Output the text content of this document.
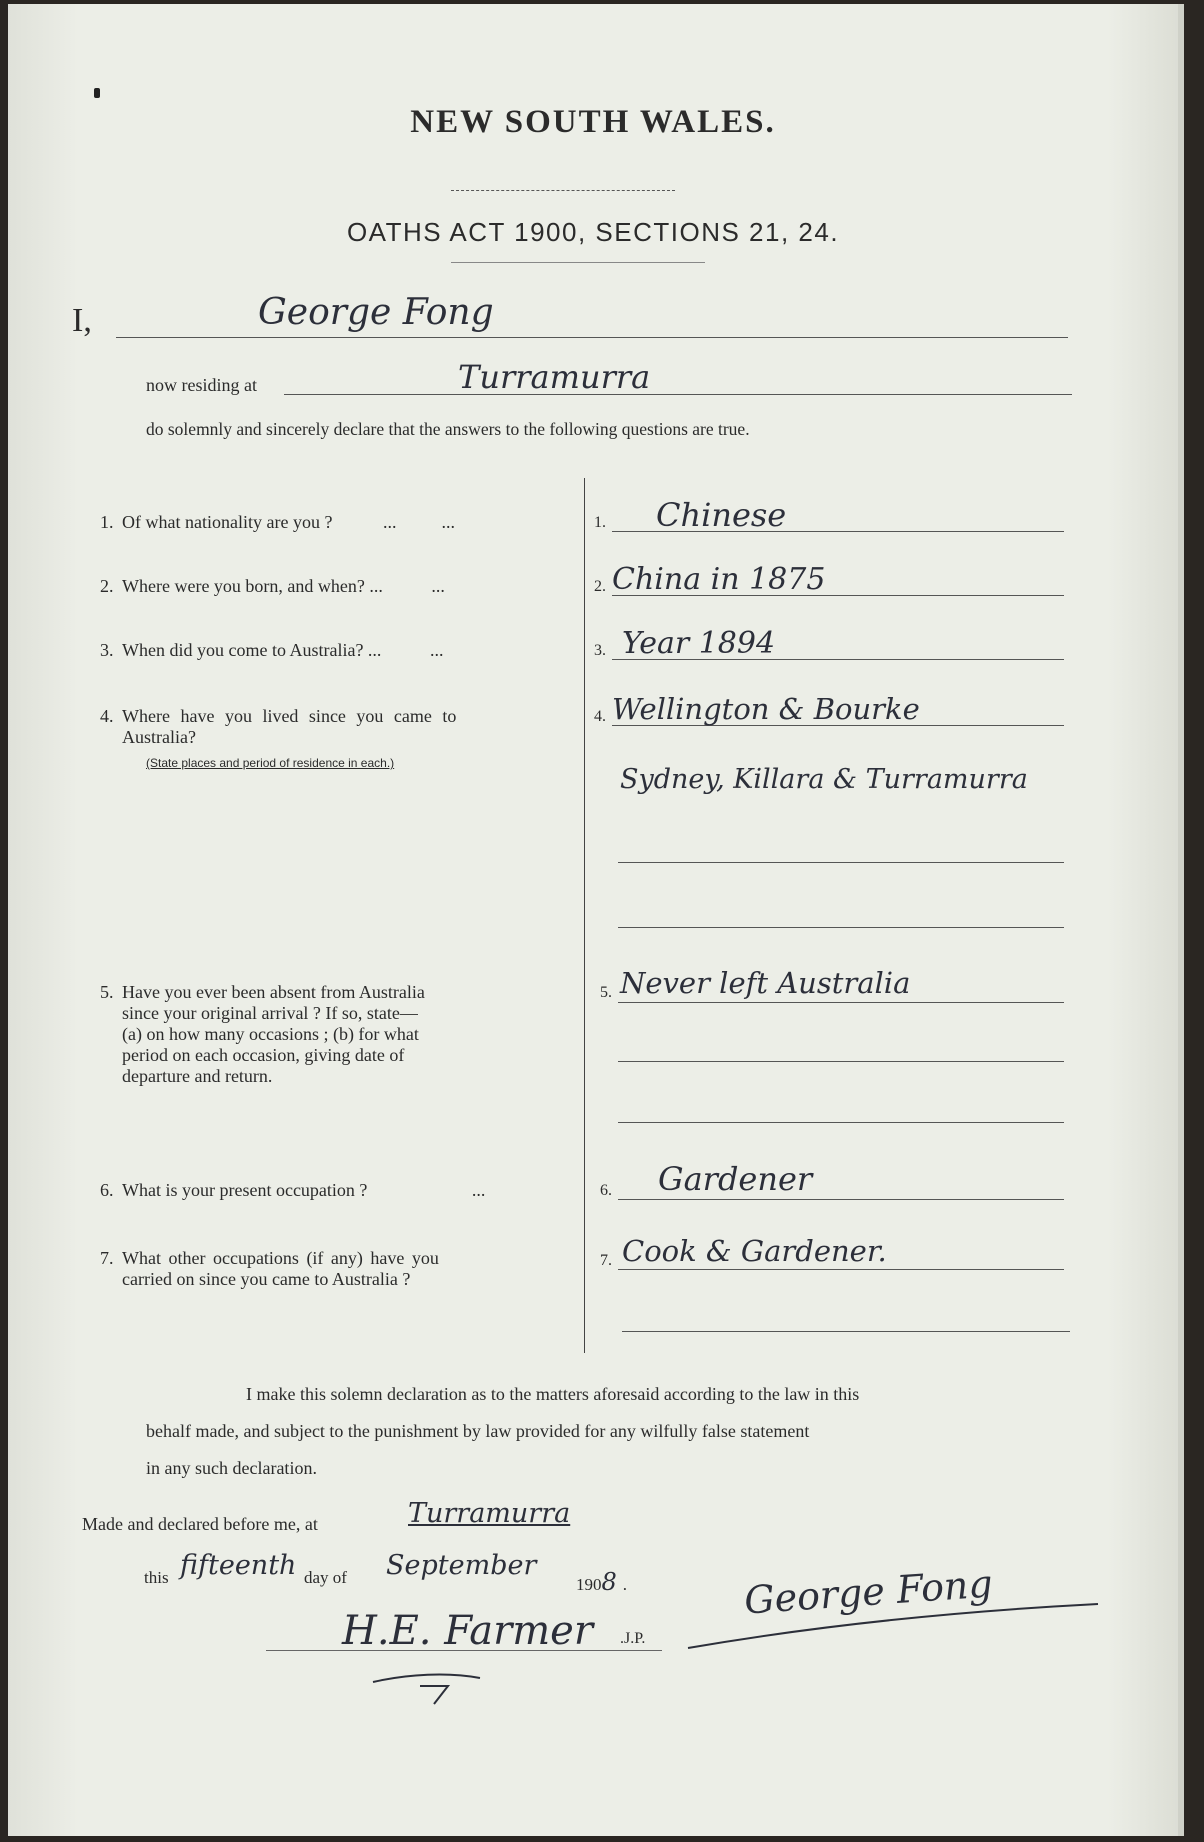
NEW SOUTH WALES.
OATHS ACT 1900, SECTIONS 21, 24.
I,	George Fong
now residing at	Turramurra
do solemnly and sincerely declare that the answers to the following questions are true.
1. Of what nationality are you ?	...          ...	1. Chinese
2. Where were you born, and when? ...	...	2. China in 1875
3. When did you come to Australia? ...	...	3. Year 1894
4. Where have you lived since you came to
Australia?
(State places and period of residence in each.)
4. Wellington & Bourke
Sydney, Killara & Turramurra
5. Have you ever been absent from Australia
since your original arrival ? If so, state—
(a) on how many occasions ; (b) for what
period on each occasion, giving date of
departure and return.
5. Never left Australia
6. What is your present occupation ?	...	6. Gardener
7. What other occupations (if any) have you
carried on since you came to Australia ?
7. Cook & Gardener.
I make this solemn declaration as to the matters aforesaid according to the law in this
behalf made, and subject to the punishment by law provided for any wilfully false statement
in any such declaration.
Made and declared before me, at	Turramurra
this fifteenth day of September
1908 .
H.E. Farmer .J.P.
George Fong
